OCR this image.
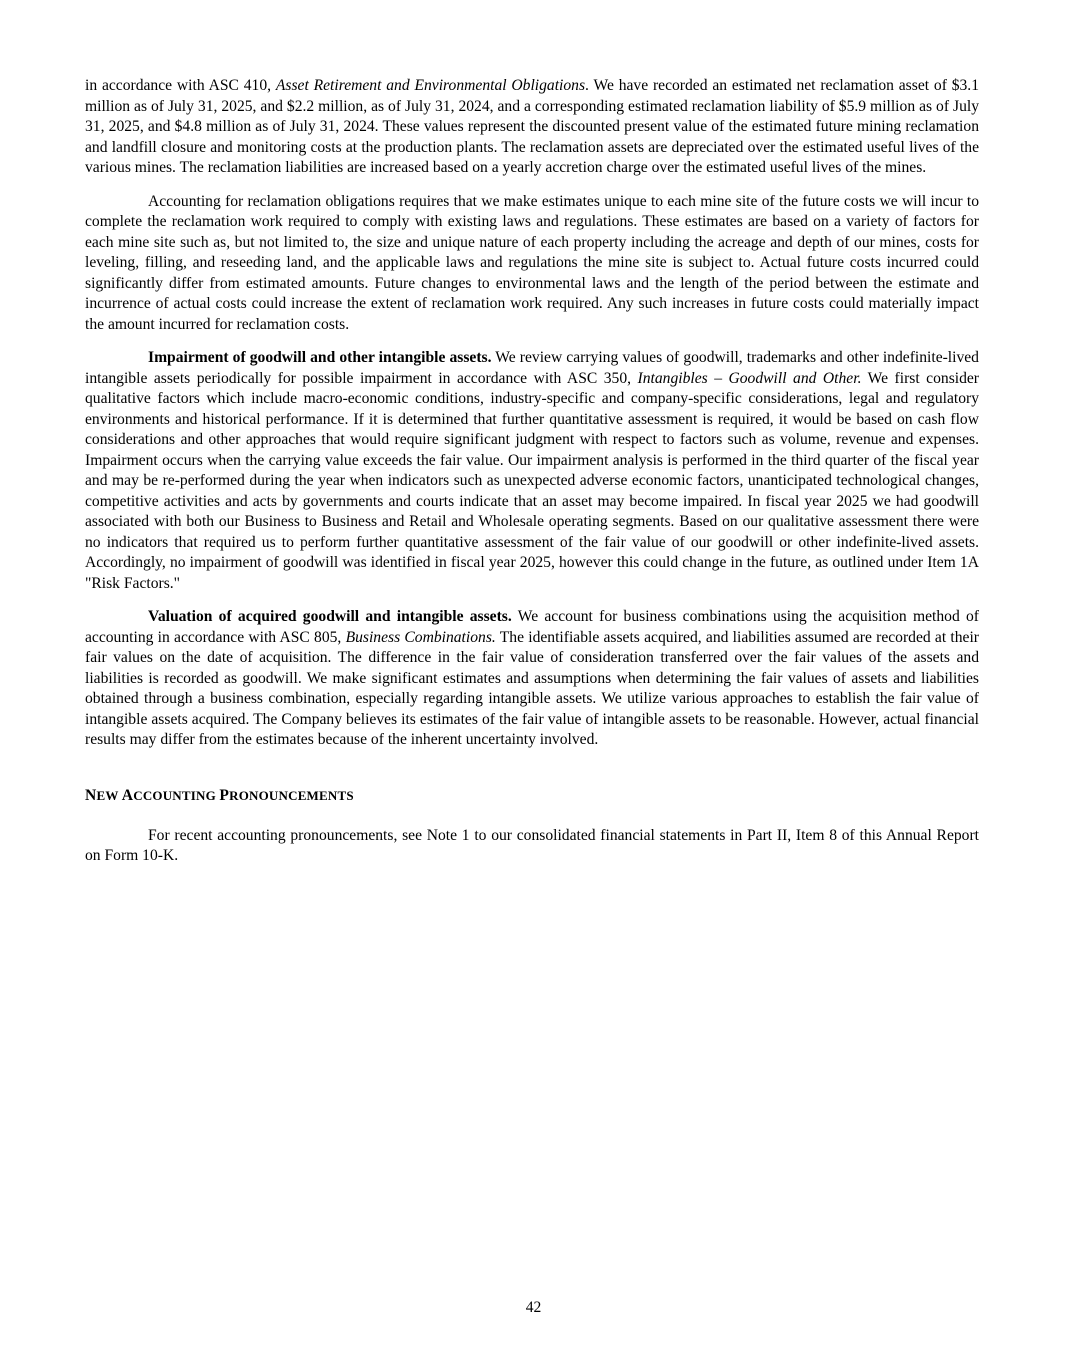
in accordance with ASC 410, Asset Retirement and Environmental Obligations. We have recorded an estimated net reclamation asset of $3.1 million as of July 31, 2025, and $2.2 million, as of July 31, 2024, and a corresponding estimated reclamation liability of $5.9 million as of July 31, 2025, and $4.8 million as of July 31, 2024. These values represent the discounted present value of the estimated future mining reclamation and landfill closure and monitoring costs at the production plants. The reclamation assets are depreciated over the estimated useful lives of the various mines. The reclamation liabilities are increased based on a yearly accretion charge over the estimated useful lives of the mines.

Accounting for reclamation obligations requires that we make estimates unique to each mine site of the future costs we will incur to complete the reclamation work required to comply with existing laws and regulations. These estimates are based on a variety of factors for each mine site such as, but not limited to, the size and unique nature of each property including the acreage and depth of our mines, costs for leveling, filling, and reseeding land, and the applicable laws and regulations the mine site is subject to. Actual future costs incurred could significantly differ from estimated amounts. Future changes to environmental laws and the length of the period between the estimate and incurrence of actual costs could increase the extent of reclamation work required. Any such increases in future costs could materially impact the amount incurred for reclamation costs.

Impairment of goodwill and other intangible assets. We review carrying values of goodwill, trademarks and other indefinite-lived intangible assets periodically for possible impairment in accordance with ASC 350, Intangibles – Goodwill and Other. We first consider qualitative factors which include macro-economic conditions, industry-specific and company-specific considerations, legal and regulatory environments and historical performance. If it is determined that further quantitative assessment is required, it would be based on cash flow considerations and other approaches that would require significant judgment with respect to factors such as volume, revenue and expenses. Impairment occurs when the carrying value exceeds the fair value. Our impairment analysis is performed in the third quarter of the fiscal year and may be re-performed during the year when indicators such as unexpected adverse economic factors, unanticipated technological changes, competitive activities and acts by governments and courts indicate that an asset may become impaired. In fiscal year 2025 we had goodwill associated with both our Business to Business and Retail and Wholesale operating segments. Based on our qualitative assessment there were no indicators that required us to perform further quantitative assessment of the fair value of our goodwill or other indefinite-lived assets. Accordingly, no impairment of goodwill was identified in fiscal year 2025, however this could change in the future, as outlined under Item 1A "Risk Factors."

Valuation of acquired goodwill and intangible assets. We account for business combinations using the acquisition method of accounting in accordance with ASC 805, Business Combinations. The identifiable assets acquired, and liabilities assumed are recorded at their fair values on the date of acquisition. The difference in the fair value of consideration transferred over the fair values of the assets and liabilities is recorded as goodwill. We make significant estimates and assumptions when determining the fair values of assets and liabilities obtained through a business combination, especially regarding intangible assets. We utilize various approaches to establish the fair value of intangible assets acquired. The Company believes its estimates of the fair value of intangible assets to be reasonable. However, actual financial results may differ from the estimates because of the inherent uncertainty involved.

NEW ACCOUNTING PRONOUNCEMENTS

For recent accounting pronouncements, see Note 1 to our consolidated financial statements in Part II, Item 8 of this Annual Report on Form 10-K.

42
